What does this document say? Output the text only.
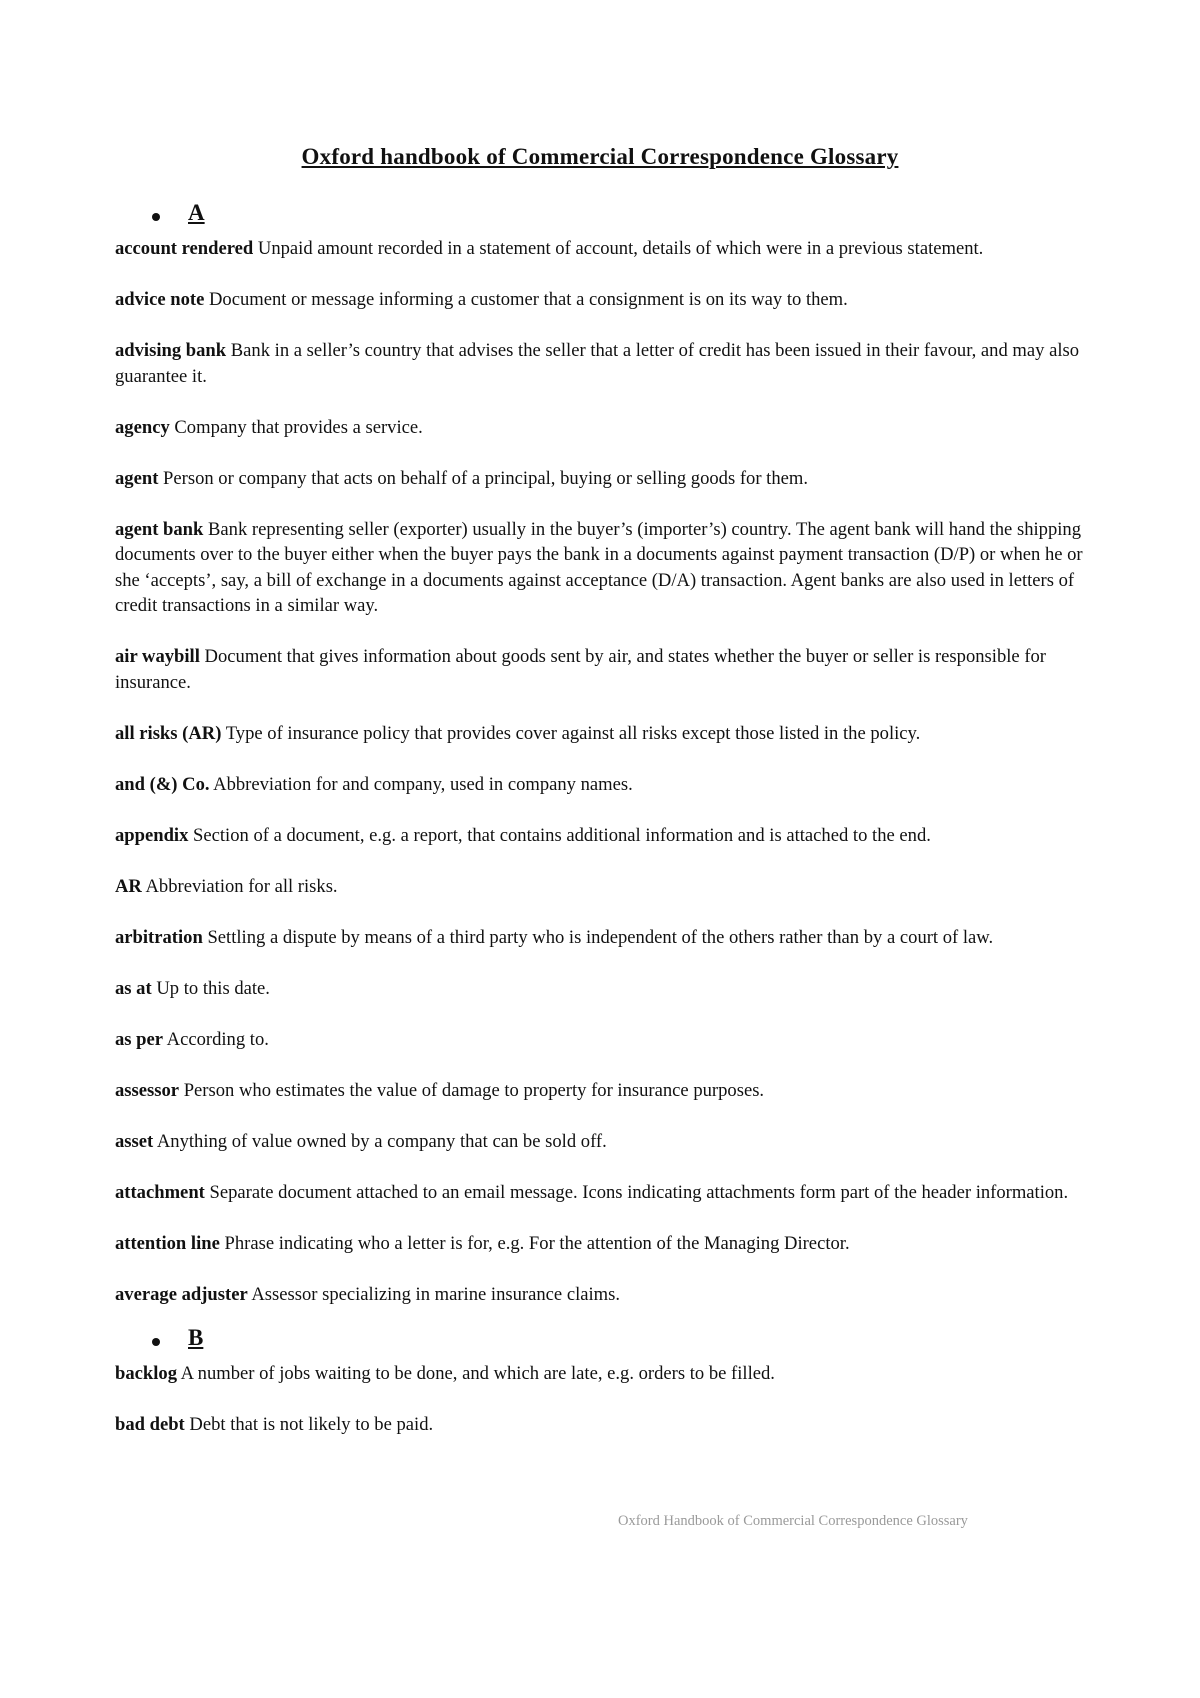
Oxford handbook of Commercial Correspondence Glossary
A

account rendered Unpaid amount recorded in a statement of account, details of which were in a previous statement.

advice note Document or message informing a customer that a consignment is on its way to them.

advising bank Bank in a seller’s country that advises the seller that a letter of credit has been issued in their favour, and may also guarantee it.

agency Company that provides a service.

agent Person or company that acts on behalf of a principal, buying or selling goods for them.

agent bank Bank representing seller (exporter) usually in the buyer’s (importer’s) country. The agent bank will hand the shipping documents over to the buyer either when the buyer pays the bank in a documents against payment transaction (D/P) or when he or she ‘accepts’, say, a bill of exchange in a documents against acceptance (D/A) transaction. Agent banks are also used in letters of credit transactions in a similar way.

air waybill Document that gives information about goods sent by air, and states whether the buyer or seller is responsible for insurance.

all risks (AR) Type of insurance policy that provides cover against all risks except those listed in the policy.

and (&) Co. Abbreviation for and company, used in company names.

appendix Section of a document, e.g. a report, that contains additional information and is attached to the end.

AR Abbreviation for all risks.

arbitration Settling a dispute by means of a third party who is independent of the others rather than by a court of law.

as at Up to this date.

as per According to.

assessor Person who estimates the value of damage to property for insurance purposes.

asset Anything of value owned by a company that can be sold off.

attachment Separate document attached to an email message. Icons indicating attachments form part of the header information.

attention line Phrase indicating who a letter is for, e.g. For the attention of the Managing Director.

average adjuster Assessor specializing in marine insurance claims.

B

backlog A number of jobs waiting to be done, and which are late, e.g. orders to be filled.

bad debt Debt that is not likely to be paid.

Oxford Handbook of Commercial Correspondence Glossary
